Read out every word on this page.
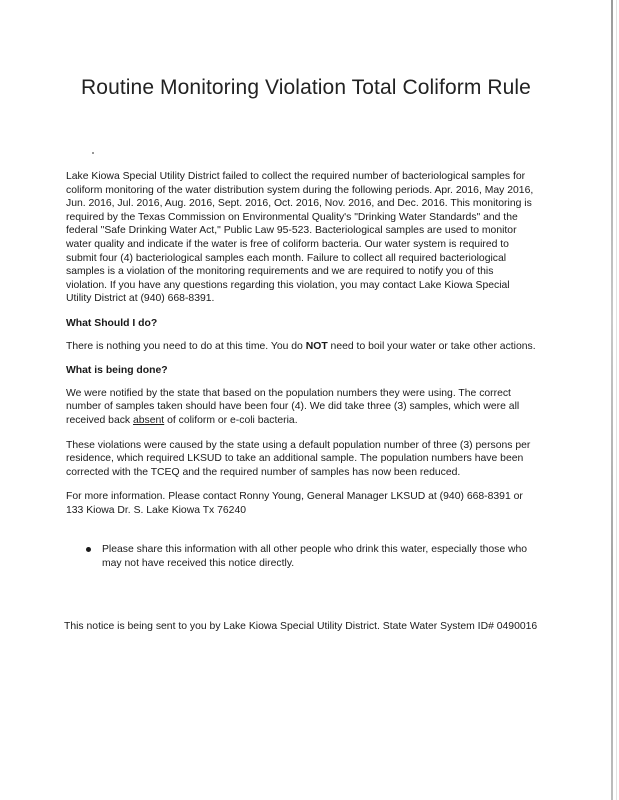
Routine Monitoring Violation Total Coliform Rule

Lake Kiowa Special Utility District failed to collect the required number of bacteriological samples for coliform monitoring of the water distribution system during the following periods. Apr. 2016, May 2016, Jun. 2016, Jul. 2016, Aug. 2016, Sept. 2016, Oct. 2016, Nov. 2016, and Dec. 2016. This monitoring is required by the Texas Commission on Environmental Quality's "Drinking Water Standards" and the federal "Safe Drinking Water Act," Public Law 95-523. Bacteriological samples are used to monitor water quality and indicate if the water is free of coliform bacteria. Our water system is required to submit four (4) bacteriological samples each month. Failure to collect all required bacteriological samples is a violation of the monitoring requirements and we are required to notify you of this violation. If you have any questions regarding this violation, you may contact Lake Kiowa Special Utility District at (940) 668-8391.

What Should I do?

There is nothing you need to do at this time. You do NOT need to boil your water or take other actions.

What is being done?

We were notified by the state that based on the population numbers they were using. The correct number of samples taken should have been four (4). We did take three (3) samples, which were all received back absent of coliform or e-coli bacteria.

These violations were caused by the state using a default population number of three (3) persons per residence, which required LKSUD to take an additional sample. The population numbers have been corrected with the TCEQ and the required number of samples has now been reduced.

For more information. Please contact Ronny Young, General Manager LKSUD at (940) 668-8391 or 133 Kiowa Dr. S. Lake Kiowa Tx 76240

Please share this information with all other people who drink this water, especially those who may not have received this notice directly.

This notice is being sent to you by Lake Kiowa Special Utility District. State Water System ID# 0490016
